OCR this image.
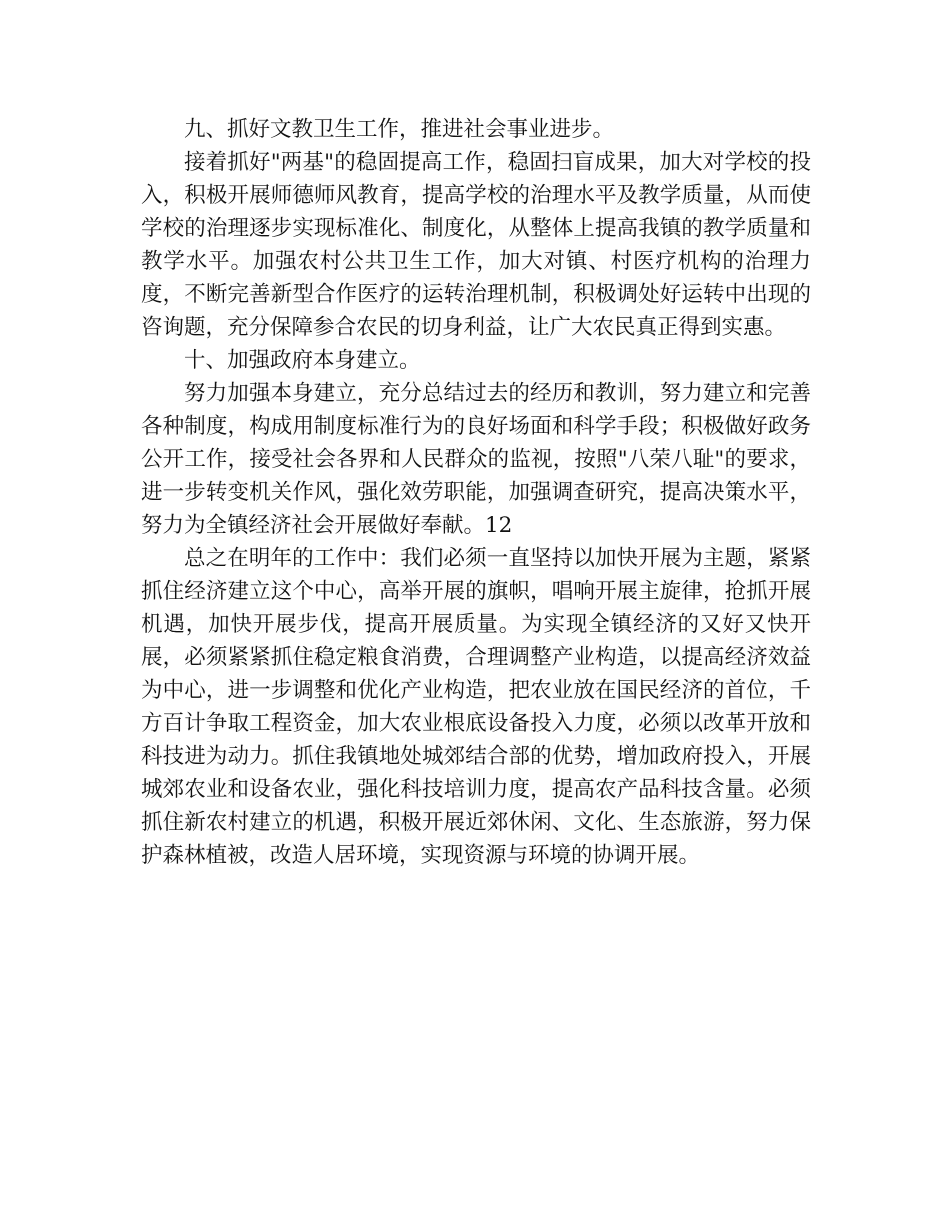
九、抓好文教卫生工作，推进社会事业进步。

接着抓好"两基"的稳固提高工作，稳固扫盲成果，加大对学校的投入，积极开展师德师风教育，提高学校的治理水平及教学质量，从而使学校的治理逐步实现标准化、制度化，从整体上提高我镇的教学质量和教学水平。加强农村公共卫生工作，加大对镇、村医疗机构的治理力度，不断完善新型合作医疗的运转治理机制，积极调处好运转中出现的咨询题，充分保障参合农民的切身利益，让广大农民真正得到实惠。

十、加强政府本身建立。

努力加强本身建立，充分总结过去的经历和教训，努力建立和完善各种制度，构成用制度标准行为的良好场面和科学手段；积极做好政务公开工作，接受社会各界和人民群众的监视，按照"八荣八耻"的要求，进一步转变机关作风，强化效劳职能，加强调查研究，提高决策水平，努力为全镇经济社会开展做好奉献。12

总之在明年的工作中：我们必须一直坚持以加快开展为主题，紧紧抓住经济建立这个中心，高举开展的旗帜，唱响开展主旋律，抢抓开展机遇，加快开展步伐，提高开展质量。为实现全镇经济的又好又快开展，必须紧紧抓住稳定粮食消费，合理调整产业构造，以提高经济效益为中心，进一步调整和优化产业构造，把农业放在国民经济的首位，千方百计争取工程资金，加大农业根底设备投入力度，必须以改革开放和科技进为动力。抓住我镇地处城郊结合部的优势，增加政府投入，开展城郊农业和设备农业，强化科技培训力度，提高农产品科技含量。必须抓住新农村建立的机遇，积极开展近郊休闲、文化、生态旅游，努力保护森林植被，改造人居环境，实现资源与环境的协调开展。
